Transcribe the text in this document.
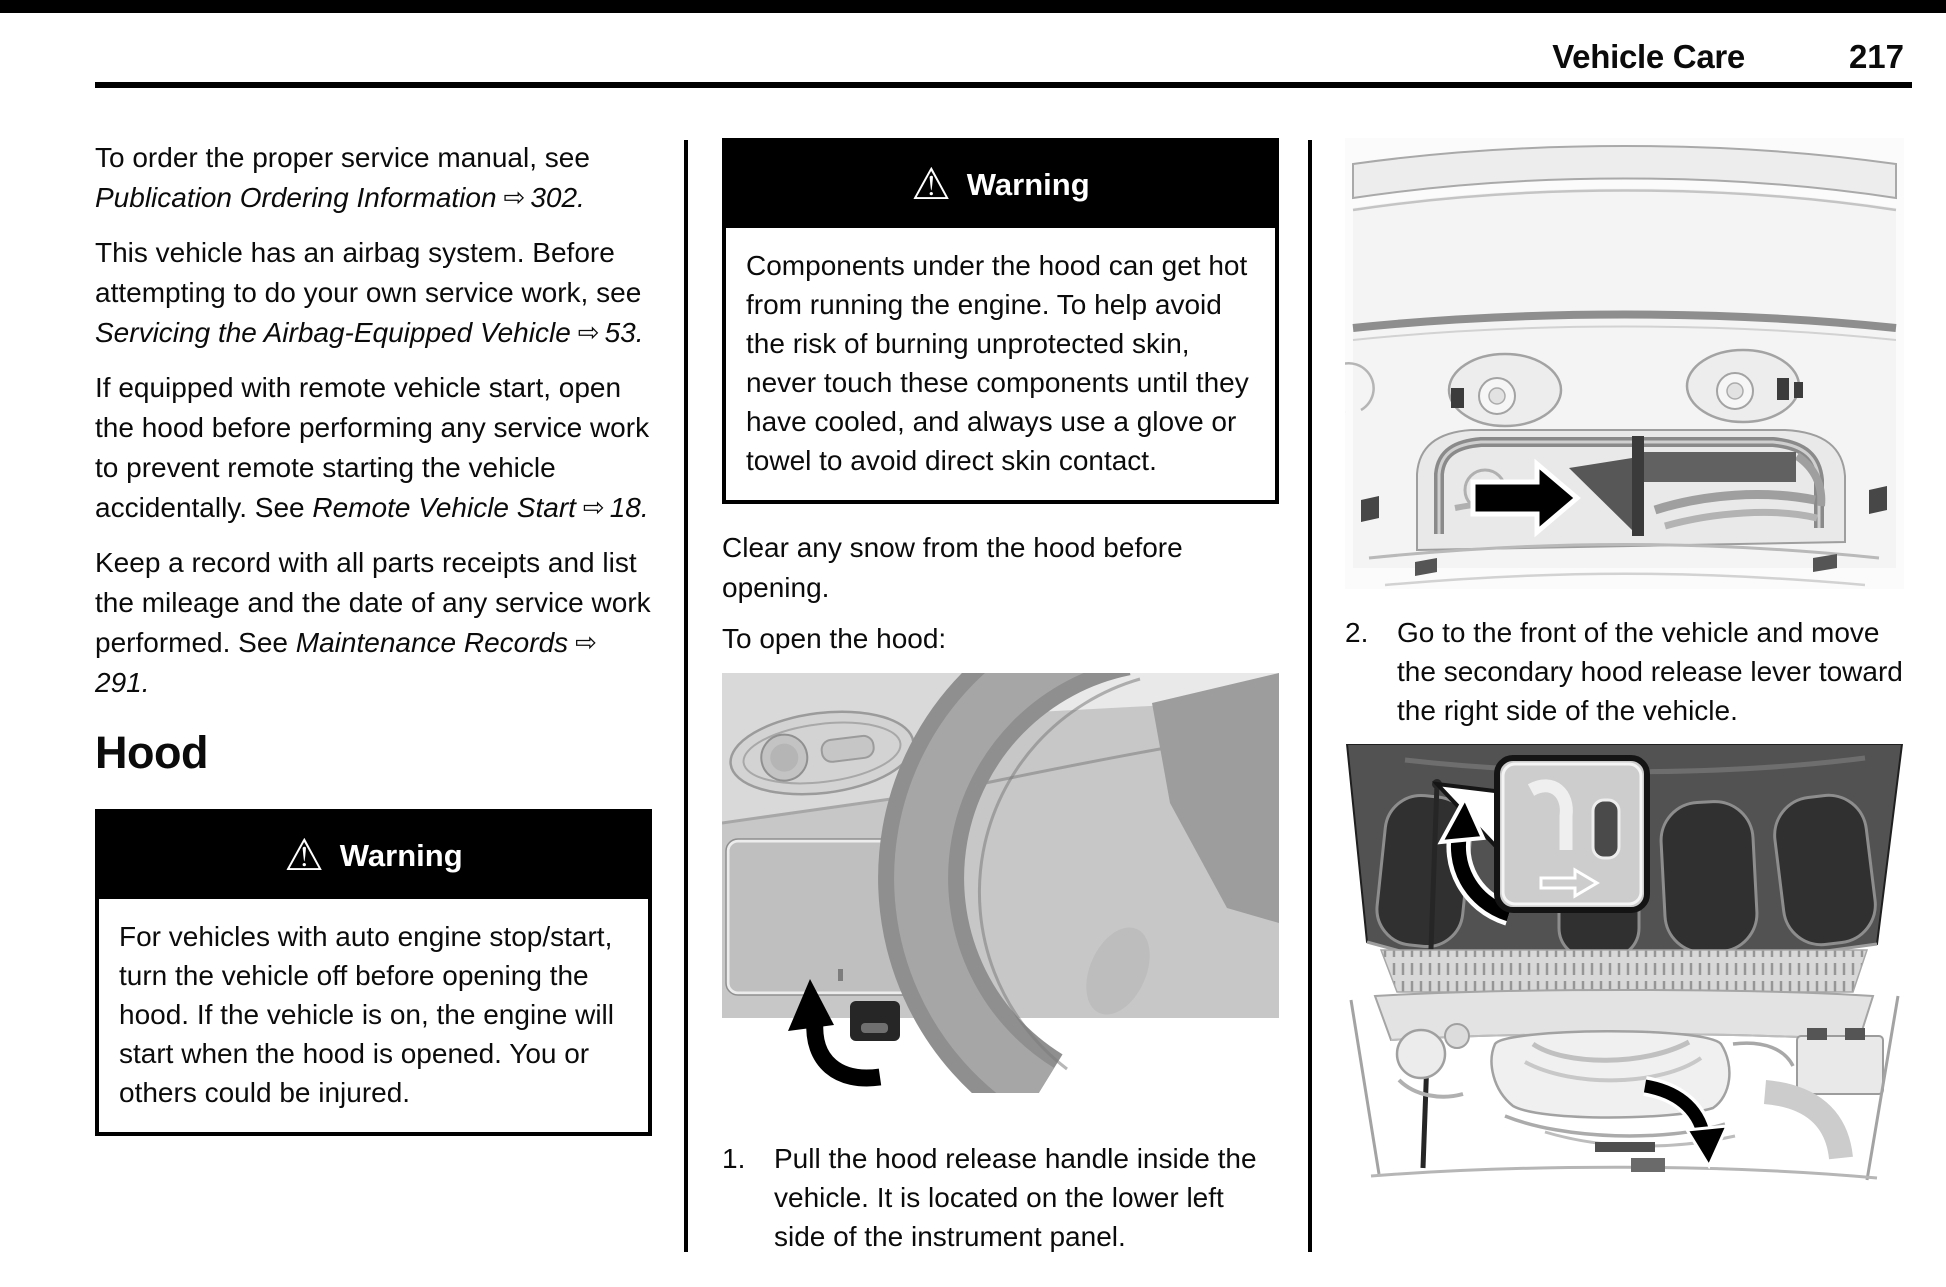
Vehicle Care	217

To order the proper service manual, see Publication Ordering Information ⇨ 302.

This vehicle has an airbag system. Before attempting to do your own service work, see Servicing the Airbag-Equipped Vehicle ⇨ 53.

If equipped with remote vehicle start, open the hood before performing any service work to prevent remote starting the vehicle accidentally. See Remote Vehicle Start ⇨ 18.

Keep a record with all parts receipts and list the mileage and the date of any service work performed. See Maintenance Records ⇨291.

Hood
⚠ Warning
For vehicles with auto engine stop/start, turn the vehicle off before opening the hood. If the vehicle is on, the engine will start when the hood is opened. You or others could be injured.
⚠ Warning
Components under the hood can get hot from running the engine. To help avoid the risk of burning unprotected skin, never touch these components until they have cooled, and always use a glove or towel to avoid direct skin contact.

Clear any snow from the hood before opening.

To open the hood:

1.	Pull the hood release handle inside the vehicle. It is located on the lower left side of the instrument panel.
2.	Go to the front of the vehicle and move the secondary hood release lever toward the right side of the vehicle.
